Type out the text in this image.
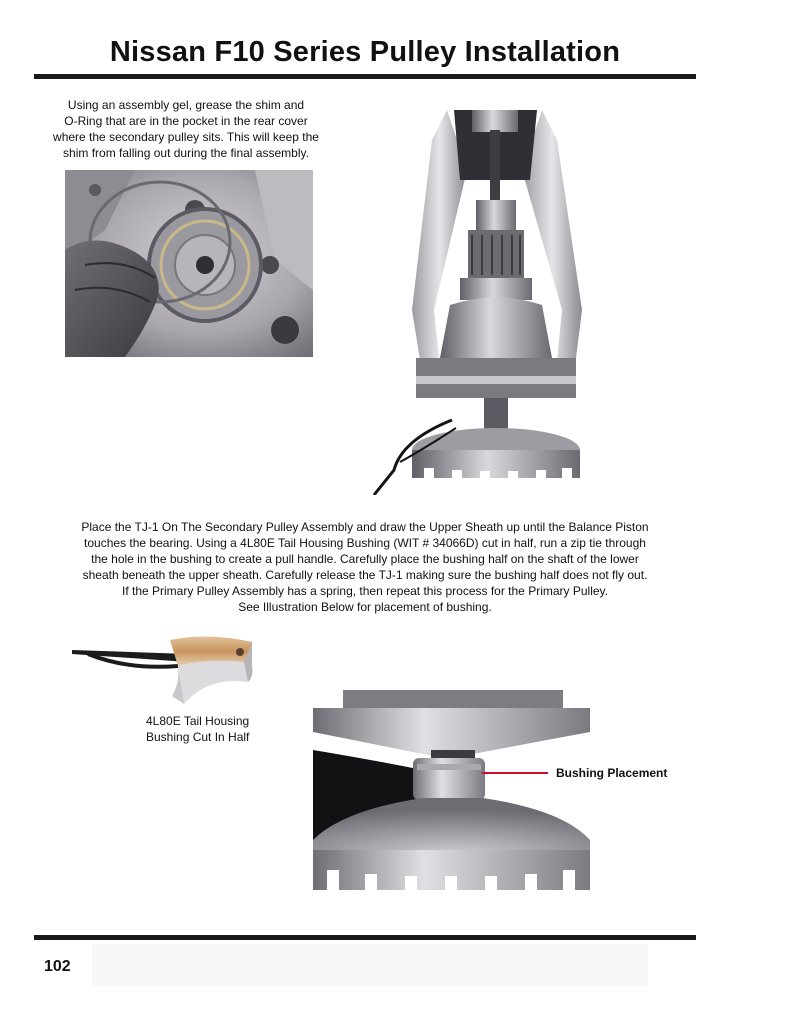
Nissan F10 Series Pulley Installation
Using an assembly gel, grease the shim and
O-Ring that are in the pocket in the rear cover
where the secondary pulley sits. This will keep the
shim from falling out during the final assembly.
Place the TJ-1 On The Secondary Pulley Assembly and draw the Upper Sheath up until the Balance Piston
touches the bearing. Using a 4L80E Tail Housing Bushing (WIT # 34066D) cut in half, run a zip tie through
the hole in the bushing to create a pull handle. Carefully place the bushing half on the shaft of the lower
sheath beneath the upper sheath. Carefully release the TJ-1 making sure the bushing half does not fly out.
If the Primary Pulley Assembly has a spring, then repeat this process for the Primary Pulley.
See Illustration Below for placement of bushing.
4L80E Tail Housing
Bushing Cut In Half
Bushing Placement
102
